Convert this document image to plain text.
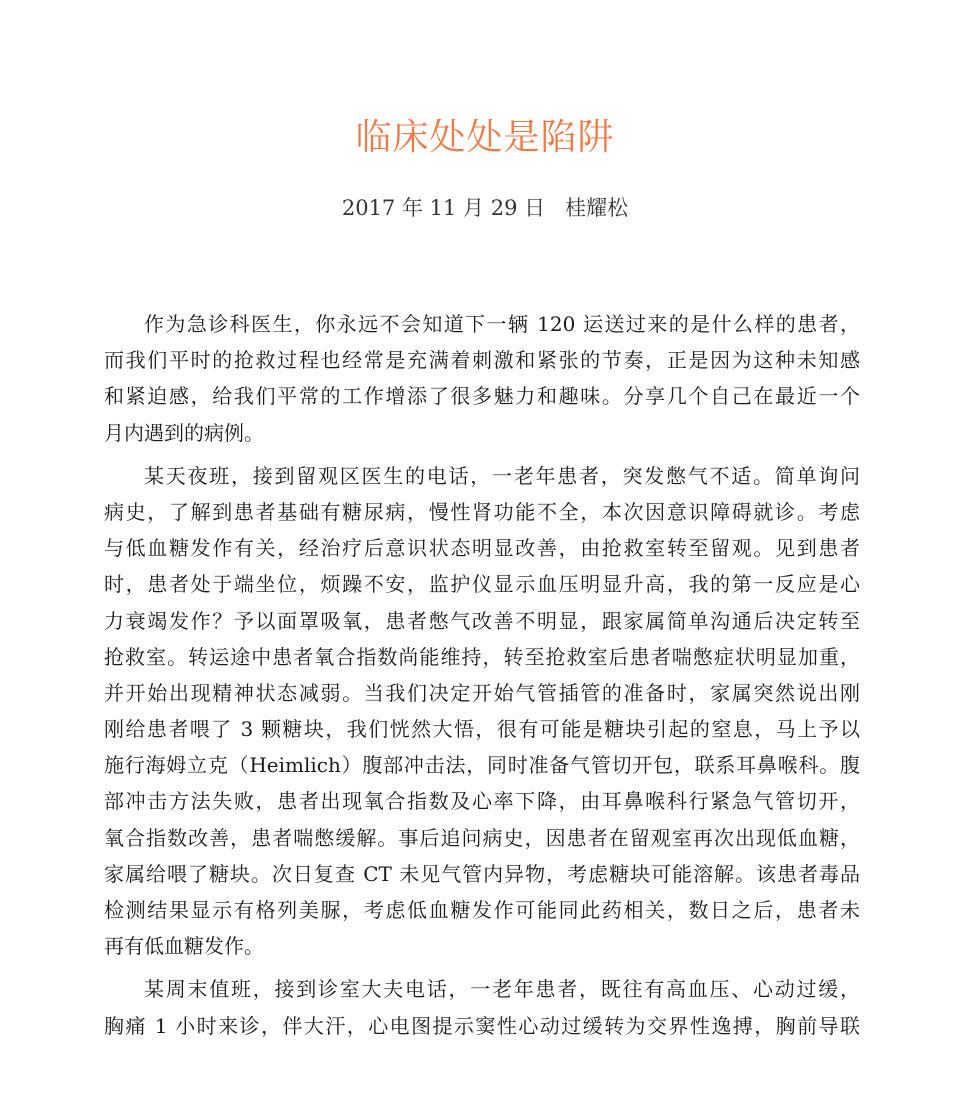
临床处处是陷阱
2017 年 11 月 29 日   桂耀松

作为急诊科医生，你永远不会知道下一辆 120 运送过来的是什么样的患者，
而我们平时的抢救过程也经常是充满着刺激和紧张的节奏，正是因为这种未知感
和紧迫感，给我们平常的工作增添了很多魅力和趣味。分享几个自己在最近一个
月内遇到的病例。

某天夜班，接到留观区医生的电话，一老年患者，突发憋气不适。简单询问
病史，了解到患者基础有糖尿病，慢性肾功能不全，本次因意识障碍就诊。考虑
与低血糖发作有关，经治疗后意识状态明显改善，由抢救室转至留观。见到患者
时，患者处于端坐位，烦躁不安，监护仪显示血压明显升高，我的第一反应是心
力衰竭发作？予以面罩吸氧，患者憋气改善不明显，跟家属简单沟通后决定转至
抢救室。转运途中患者氧合指数尚能维持，转至抢救室后患者喘憋症状明显加重，
并开始出现精神状态减弱。当我们决定开始气管插管的准备时，家属突然说出刚
刚给患者喂了 3 颗糖块，我们恍然大悟，很有可能是糖块引起的窒息，马上予以
施行海姆立克（Heimlich）腹部冲击法，同时准备气管切开包，联系耳鼻喉科。腹
部冲击方法失败，患者出现氧合指数及心率下降，由耳鼻喉科行紧急气管切开，
氧合指数改善，患者喘憋缓解。事后追问病史，因患者在留观室再次出现低血糖，
家属给喂了糖块。次日复查 CT 未见气管内异物，考虑糖块可能溶解。该患者毒品
检测结果显示有格列美脲，考虑低血糖发作可能同此药相关，数日之后，患者未
再有低血糖发作。

某周末值班，接到诊室大夫电话，一老年患者，既往有高血压、心动过缓，
胸痛 1 小时来诊，伴大汗，心电图提示窦性心动过缓转为交界性逸搏，胸前导联
